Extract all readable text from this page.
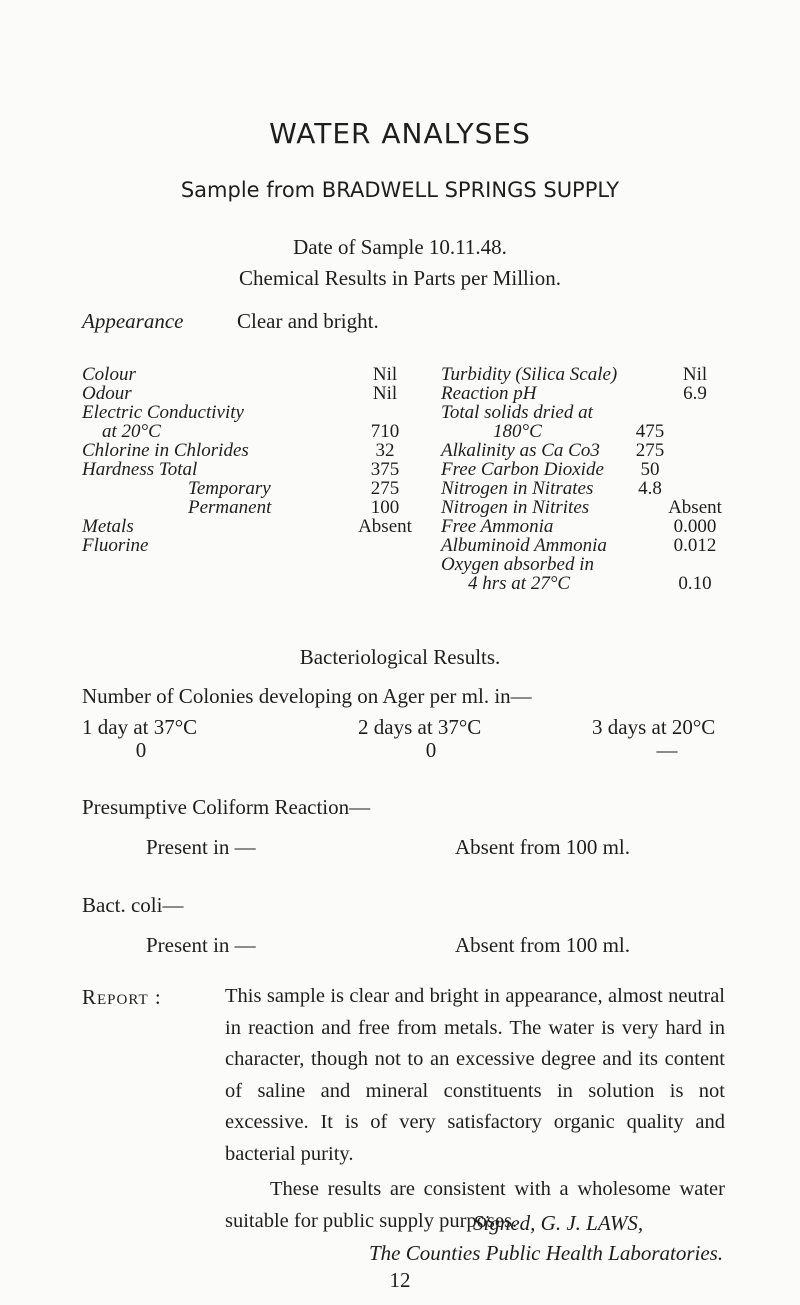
WATER ANALYSES
Sample from BRADWELL SPRINGS SUPPLY
Date of Sample 10.11.48.
Chemical Results in Parts per Million.
Appearance	Clear and bright.
Colour	Nil
Odour	Nil
Electric Conductivity
at 20°C	710
Chlorine in Chlorides	32
Hardness Total	375
Temporary	275
Permanent	100
Metals	Absent
Fluorine
Turbidity (Silica Scale)	Nil
Reaction pH	6.9
Total solids dried at
180°C	475
Alkalinity as Ca Co3	275
Free Carbon Dioxide	50
Nitrogen in Nitrates	4.8
Nitrogen in Nitrites	Absent
Free Ammonia	0.000
Albuminoid Ammonia	0.012
Oxygen absorbed in
4 hrs at 27°C	0.10
Bacteriological Results.
Number of Colonies developing on Ager per ml. in—
1 day at 37°C	2 days at 37°C	3 days at 20°C
0	0	—
Presumptive Coliform Reaction—
Present in —	Absent from 100 ml.
Bact. coli—
Present in —	Absent from 100 ml.
Report :	This sample is clear and bright in appearance, almost neutral in reaction and free from metals. The water is very hard in character, though not to an excessive degree and its content of saline and mineral constituents in solution is not excessive. It is of very satisfactory organic quality and bacterial purity.

These results are consistent with a wholesome water suitable for public supply purposes.

Signed, G. J. LAWS,
The Counties Public Health Laboratories.
12
